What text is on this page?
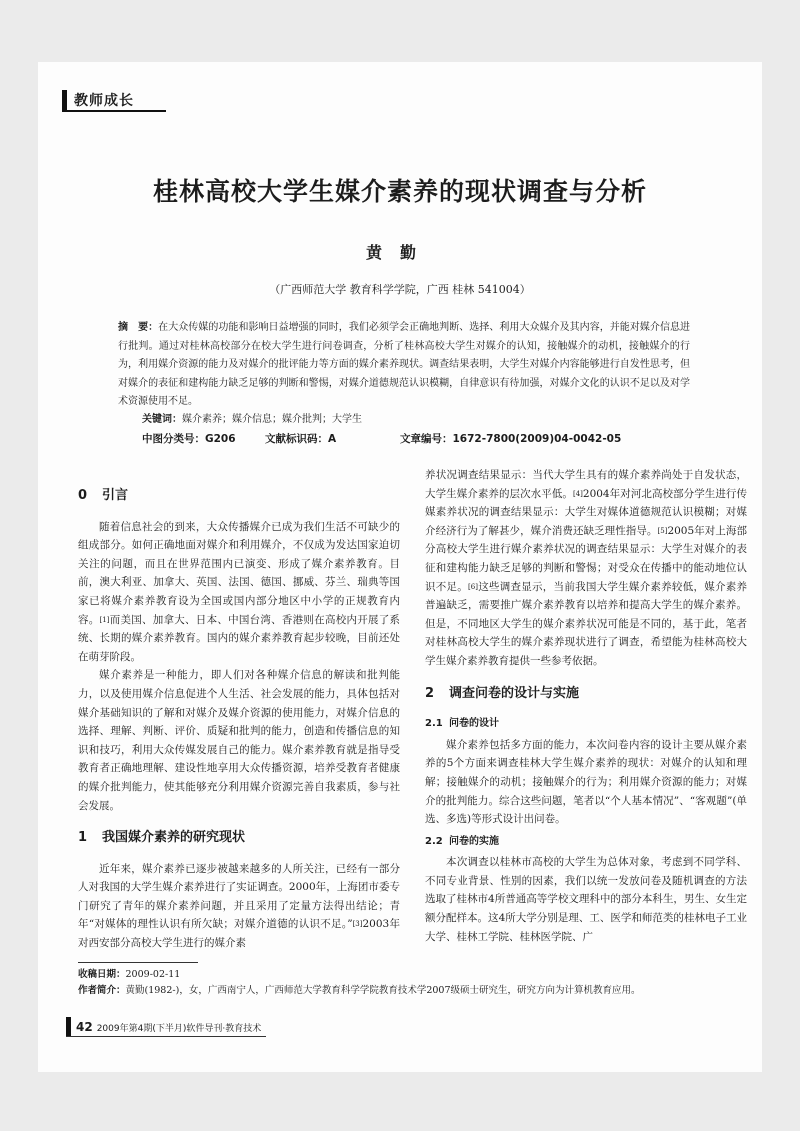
教师成长
桂林高校大学生媒介素养的现状调查与分析
黄勤
（广西师范大学 教育科学学院，广西 桂林 541004）
摘　要：在大众传媒的功能和影响日益增强的同时，我们必须学会正确地判断、选择、利用大众媒介及其内容，并能对媒介信息进行批判。通过对桂林高校部分在校大学生进行问卷调查，分析了桂林高校大学生对媒介的认知，接触媒介的动机，接触媒介的行为，利用媒介资源的能力及对媒介的批评能力等方面的媒介素养现状。调查结果表明，大学生对媒介内容能够进行自发性思考，但对媒介的表征和建构能力缺乏足够的判断和警惕，对媒介道德规范认识模糊，自律意识有待加强，对媒介文化的认识不足以及对学术资源使用不足。
关键词：媒介素养；媒介信息；媒介批判；大学生
中图分类号：G206	文献标识码：A	文章编号：1672-7800(2009)04-0042-05
0 引言

随着信息社会的到来，大众传播媒介已成为我们生活不可缺少的组成部分。如何正确地面对媒介和利用媒介，不仅成为发达国家迫切关注的问题，而且在世界范围内已演变、形成了媒介素养教育。目前，澳大利亚、加拿大、英国、法国、德国、挪威、芬兰、瑞典等国家已将媒介素养教育设为全国或国内部分地区中小学的正规教育内容。[1]而美国、加拿大、日本、中国台湾、香港则在高校内开展了系统、长期的媒介素养教育。国内的媒介素养教育起步较晚，目前还处在萌芽阶段。

媒介素养是一种能力，即人们对各种媒介信息的解读和批判能力，以及使用媒介信息促进个人生活、社会发展的能力，具体包括对媒介基础知识的了解和对媒介及媒介资源的使用能力，对媒介信息的选择、理解、判断、评价、质疑和批判的能力，创造和传播信息的知识和技巧，利用大众传媒发展自己的能力。媒介素养教育就是指导受教育者正确地理解、建设性地享用大众传播资源，培养受教育者健康的媒介批判能力，使其能够充分利用媒介资源完善自我素质，参与社会发展。

1 我国媒介素养的研究现状

近年来，媒介素养已逐步被越来越多的人所关注，已经有一部分人对我国的大学生媒介素养进行了实证调查。2000年，上海团市委专门研究了青年的媒介素养问题，并且采用了定量方法得出结论；青年“对媒体的理性认识有所欠缺；对媒介道德的认识不足。”[3]2003年对西安部分高校大学生进行的媒介素

养状况调查结果显示：当代大学生具有的媒介素养尚处于自发状态，大学生媒介素养的层次水平低。[4]2004年对河北高校部分学生进行传媒素养状况的调查结果显示：大学生对媒体道德规范认识模糊；对媒介经济行为了解甚少，媒介消费还缺乏理性指导。[5]2005年对上海部分高校大学生进行媒介素养状况的调查结果显示：大学生对媒介的表征和建构能力缺乏足够的判断和警惕；对受众在传播中的能动地位认识不足。[6]这些调查显示，当前我国大学生媒介素养较低，媒介素养普遍缺乏，需要推广媒介素养教育以培养和提高大学生的媒介素养。但是，不同地区大学生的媒介素养状况可能是不同的，基于此，笔者对桂林高校大学生的媒介素养现状进行了调查，希望能为桂林高校大学生媒介素养教育提供一些参考依据。

2 调查问卷的设计与实施
2.1 问卷的设计

媒介素养包括多方面的能力，本次问卷内容的设计主要从媒介素养的5个方面来调查桂林大学生媒介素养的现状：对媒介的认知和理解；接触媒介的动机；接触媒介的行为；利用媒介资源的能力；对媒介的批判能力。综合这些问题，笔者以“个人基本情况”、“客观题”(单选、多选)等形式设计出问卷。

2.2 问卷的实施

本次调查以桂林市高校的大学生为总体对象，考虑到不同学科、不同专业背景、性别的因素，我们以统一发放问卷及随机调查的方法选取了桂林市4所普通高等学校文理科中的部分本科生，男生、女生定额分配样本。这4所大学分别是理、工、医学和师范类的桂林电子工业大学、桂林工学院、桂林医学院、广

收稿日期：2009-02-11
作者简介：黄勤(1982-)，女，广西南宁人，广西师范大学教育科学学院教育技术学2007级硕士研究生，研究方向为计算机教育应用。
42 2009年第4期(下半月)软件导刊·教育技术
